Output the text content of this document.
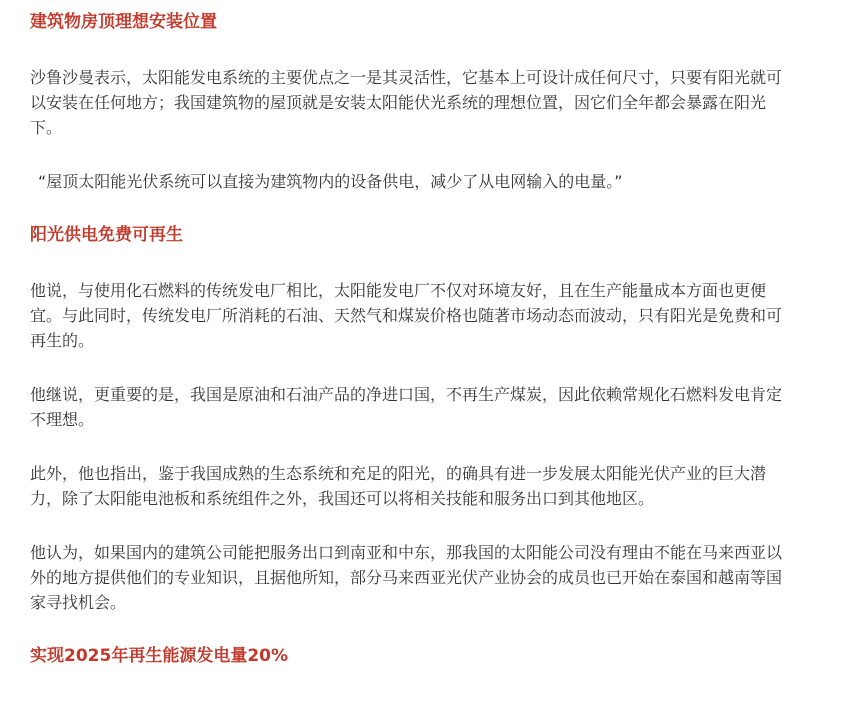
建筑物房顶理想安装位置

沙鲁沙曼表示，太阳能发电系统的主要优点之一是其灵活性，它基本上可设计成任何尺寸，只要有阳光就可以安装在任何地方；我国建筑物的屋顶就是安装太阳能伏光系统的理想位置，因它们全年都会暴露在阳光下。

“屋顶太阳能光伏系统可以直接为建筑物内的设备供电，减少了从电网输入的电量。”

阳光供电免费可再生

他说，与使用化石燃料的传统发电厂相比，太阳能发电厂不仅对环境友好，且在生产能量成本方面也更便宜。与此同时，传统发电厂所消耗的石油、天然气和煤炭价格也随著市场动态而波动，只有阳光是免费和可再生的。

他继说，更重要的是，我国是原油和石油产品的净进口国，不再生产煤炭，因此依赖常规化石燃料发电肯定不理想。

此外，他也指出，鉴于我国成熟的生态系统和充足的阳光，的确具有进一步发展太阳能光伏产业的巨大潜力，除了太阳能电池板和系统组件之外，我国还可以将相关技能和服务出口到其他地区。

他认为，如果国内的建筑公司能把服务出口到南亚和中东，那我国的太阳能公司没有理由不能在马来西亚以外的地方提供他们的专业知识，且据他所知，部分马来西亚光伏产业协会的成员也已开始在泰国和越南等国家寻找机会。

实现2025年再生能源发电量20%
